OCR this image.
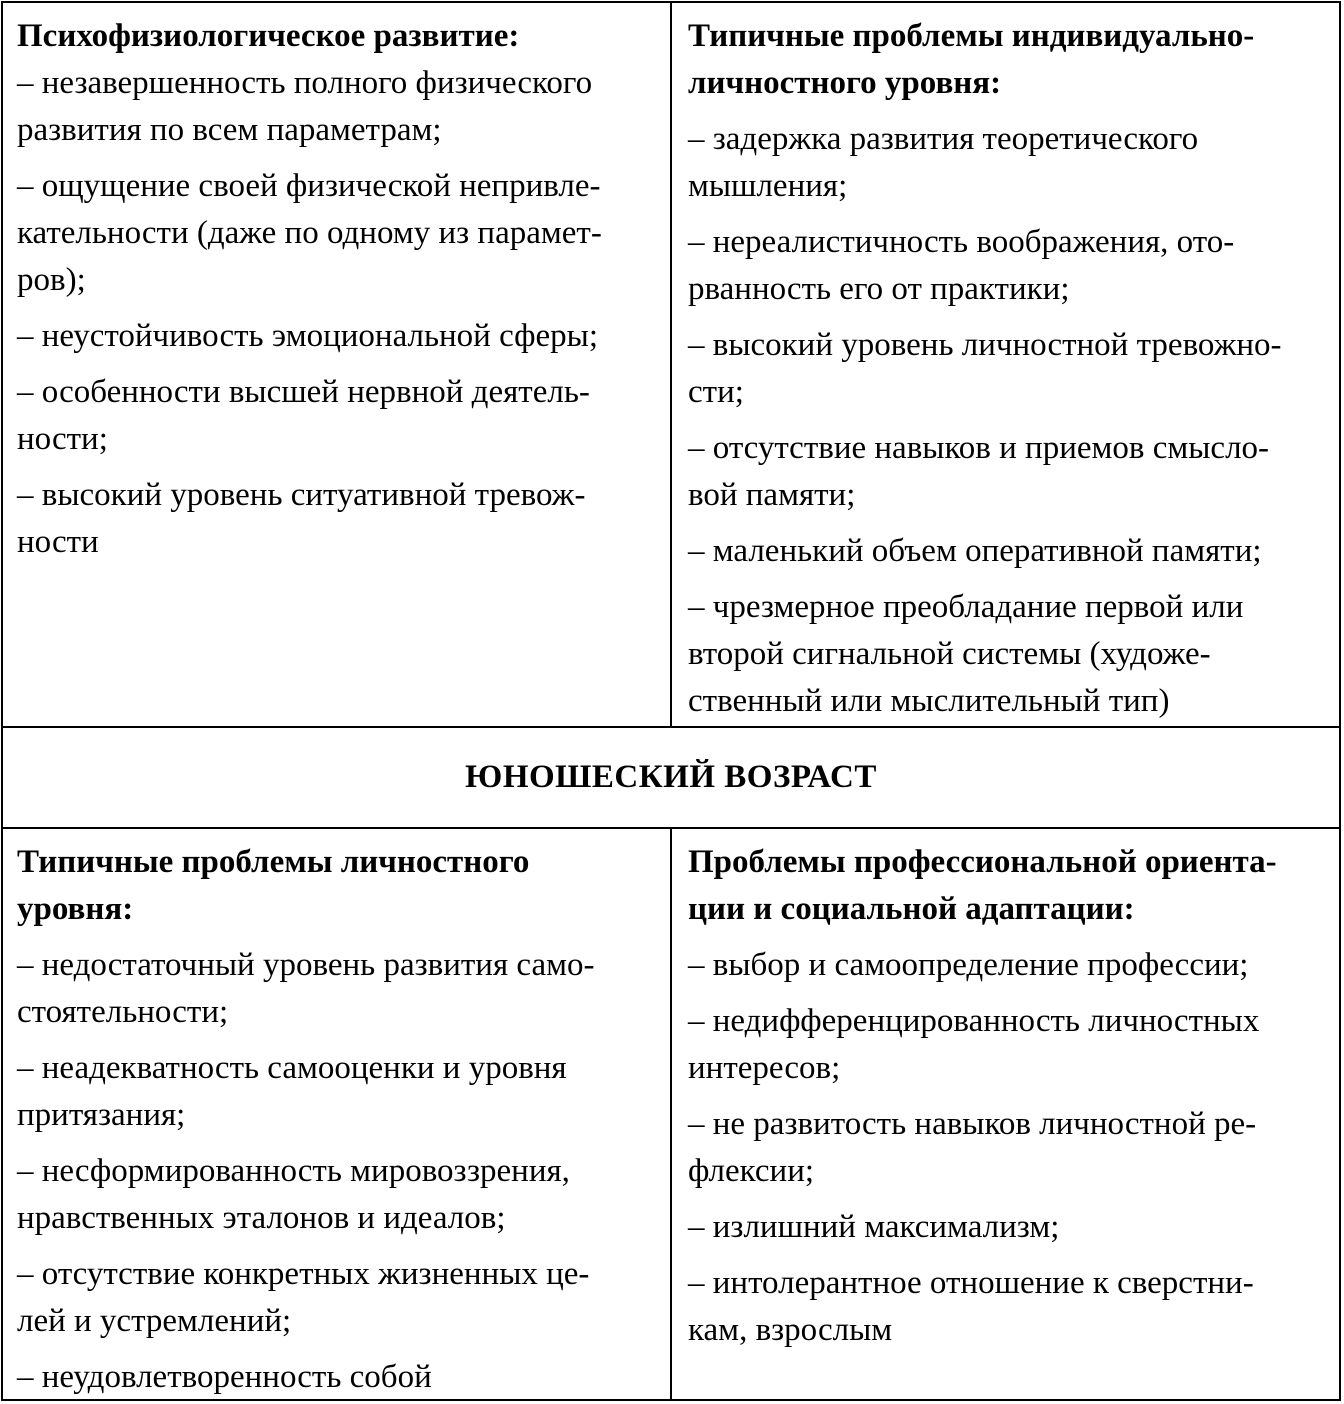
Психофизиологическое развитие:

– незавершенность полного физического
развития по всем параметрам;

– ощущение своей физической непривле-
кательности (даже по одному из парамет-
ров);

– неустойчивость эмоциональной сферы;

– особенности высшей нервной деятель-
ности;

– высокий уровень ситуативной тревож-
ности

Типичные проблемы индивидуально-
личностного уровня:

– задержка развития теоретического
мышления;

– нереалистичность воображения, ото-
рванность его от практики;

– высокий уровень личностной тревожно-
сти;

– отсутствие навыков и приемов смысло-
вой памяти;

– маленький объем оперативной памяти;

– чрезмерное преобладание первой или
второй сигнальной системы (художе-
ственный или мыслительный тип)

ЮНОШЕСКИЙ ВОЗРАСТ

Типичные проблемы личностного
уровня:

– недостаточный уровень развития само-
стоятельности;

– неадекватность самооценки и уровня
притязания;

– несформированность мировоззрения,
нравственных эталонов и идеалов;

– отсутствие конкретных жизненных це-
лей и устремлений;

– неудовлетворенность собой

Проблемы профессиональной ориента-
ции и социальной адаптации:

– выбор и самоопределение профессии;

– недифференцированность личностных
интересов;

– не развитость навыков личностной ре-
флексии;

– излишний максимализм;

– интолерантное отношение к сверстни-
кам, взрослым
